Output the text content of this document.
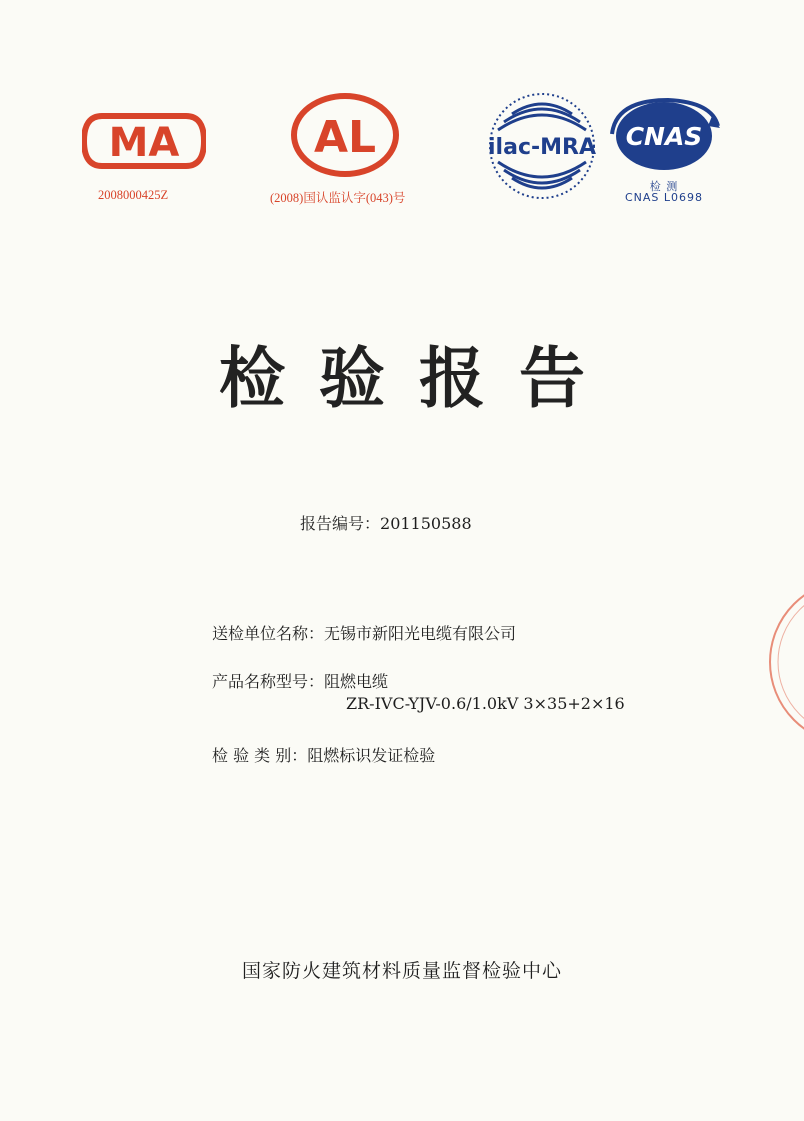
MA
2008000425Z
AL
(2008)国认监认字(043)号
ilac-MRA CNAS
检 测
CNAS L0698
检验报告
报告编号：201150588
送检单位名称：无锡市新阳光电缆有限公司
产品名称型号：阻燃电缆
ZR-IVC-YJV-0.6/1.0kV 3×35+2×16
检 验 类 别：阻燃标识发证检验
国家防火建筑材料质量监督检验中心
